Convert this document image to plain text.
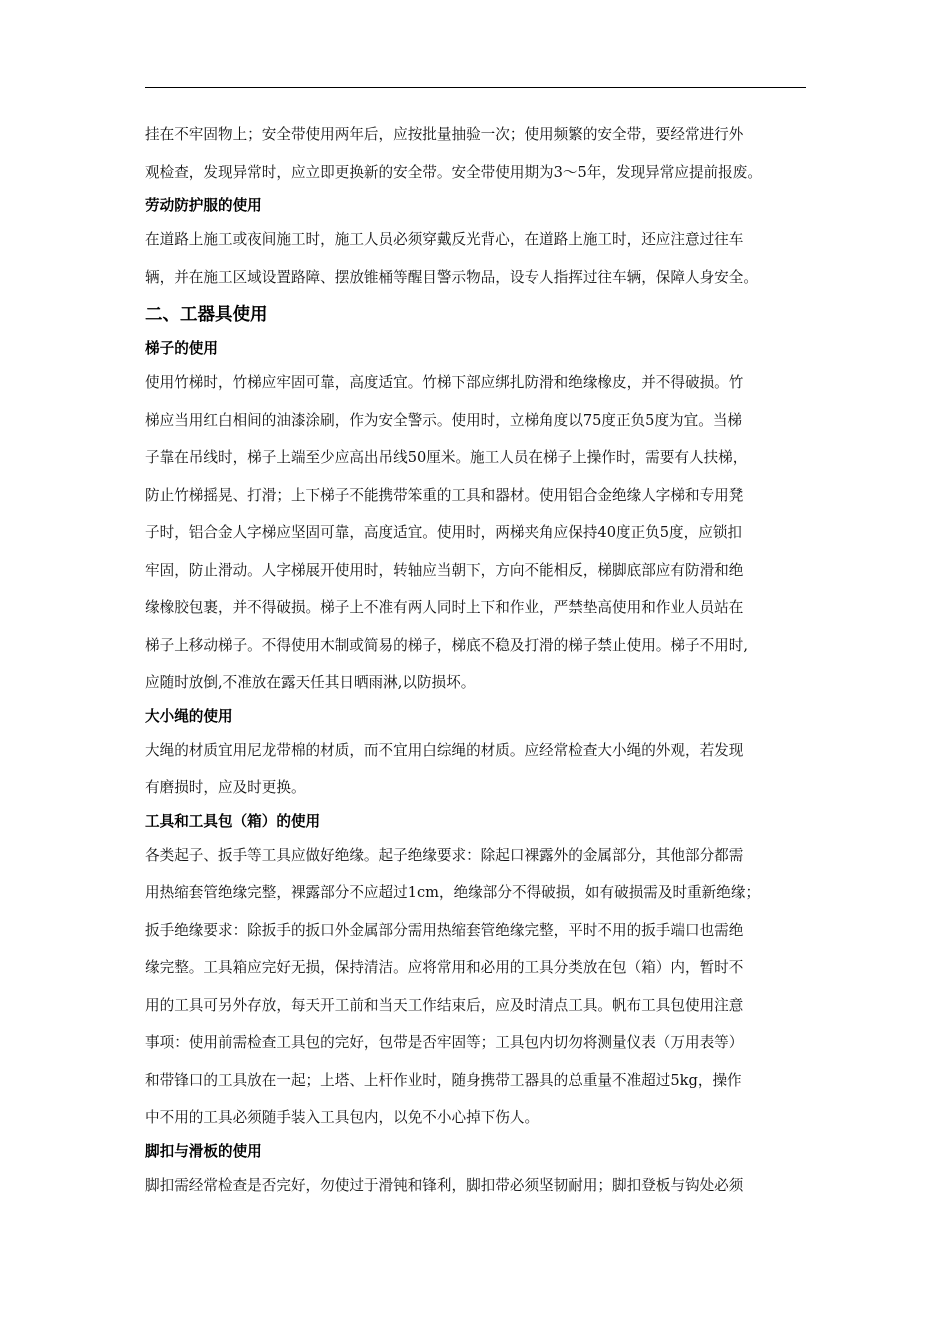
挂在不牢固物上；安全带使用两年后，应按批量抽验一次；使用频繁的安全带，要经常进行外
观检查，发现异常时，应立即更换新的安全带。安全带使用期为3～5年，发现异常应提前报废。
劳动防护服的使用
在道路上施工或夜间施工时，施工人员必须穿戴反光背心，在道路上施工时，还应注意过往车
辆，并在施工区域设置路障、摆放锥桶等醒目警示物品，设专人指挥过往车辆，保障人身安全。
二、工器具使用
梯子的使用
使用竹梯时，竹梯应牢固可靠，高度适宜。竹梯下部应绑扎防滑和绝缘橡皮，并不得破损。竹
梯应当用红白相间的油漆涂刷，作为安全警示。使用时，立梯角度以75度正负5度为宜。当梯
子靠在吊线时，梯子上端至少应高出吊线50厘米。施工人员在梯子上操作时，需要有人扶梯，
防止竹梯摇晃、打滑；上下梯子不能携带笨重的工具和器材。使用铝合金绝缘人字梯和专用凳
子时，铝合金人字梯应坚固可靠，高度适宜。使用时，两梯夹角应保持40度正负5度，应锁扣
牢固，防止滑动。人字梯展开使用时，转轴应当朝下，方向不能相反，梯脚底部应有防滑和绝
缘橡胶包裹，并不得破损。梯子上不准有两人同时上下和作业，严禁垫高使用和作业人员站在
梯子上移动梯子。不得使用木制或简易的梯子，梯底不稳及打滑的梯子禁止使用。梯子不用时,
应随时放倒,不准放在露天任其日晒雨淋,以防损坏。
大小绳的使用
大绳的材质宜用尼龙带棉的材质，而不宜用白综绳的材质。应经常检查大小绳的外观，若发现
有磨损时，应及时更换。
工具和工具包（箱）的使用
各类起子、扳手等工具应做好绝缘。起子绝缘要求：除起口裸露外的金属部分，其他部分都需
用热缩套管绝缘完整，裸露部分不应超过1cm，绝缘部分不得破损，如有破损需及时重新绝缘；
扳手绝缘要求：除扳手的扳口外金属部分需用热缩套管绝缘完整，平时不用的扳手端口也需绝
缘完整。工具箱应完好无损，保持清洁。应将常用和必用的工具分类放在包（箱）内，暂时不
用的工具可另外存放，每天开工前和当天工作结束后，应及时清点工具。帆布工具包使用注意
事项：使用前需检查工具包的完好，包带是否牢固等；工具包内切勿将测量仪表（万用表等）
和带锋口的工具放在一起；上塔、上杆作业时，随身携带工器具的总重量不准超过5kg，操作
中不用的工具必须随手装入工具包内，以免不小心掉下伤人。
脚扣与滑板的使用
脚扣需经常检查是否完好，勿使过于滑钝和锋利，脚扣带必须坚韧耐用；脚扣登板与钩处必须
